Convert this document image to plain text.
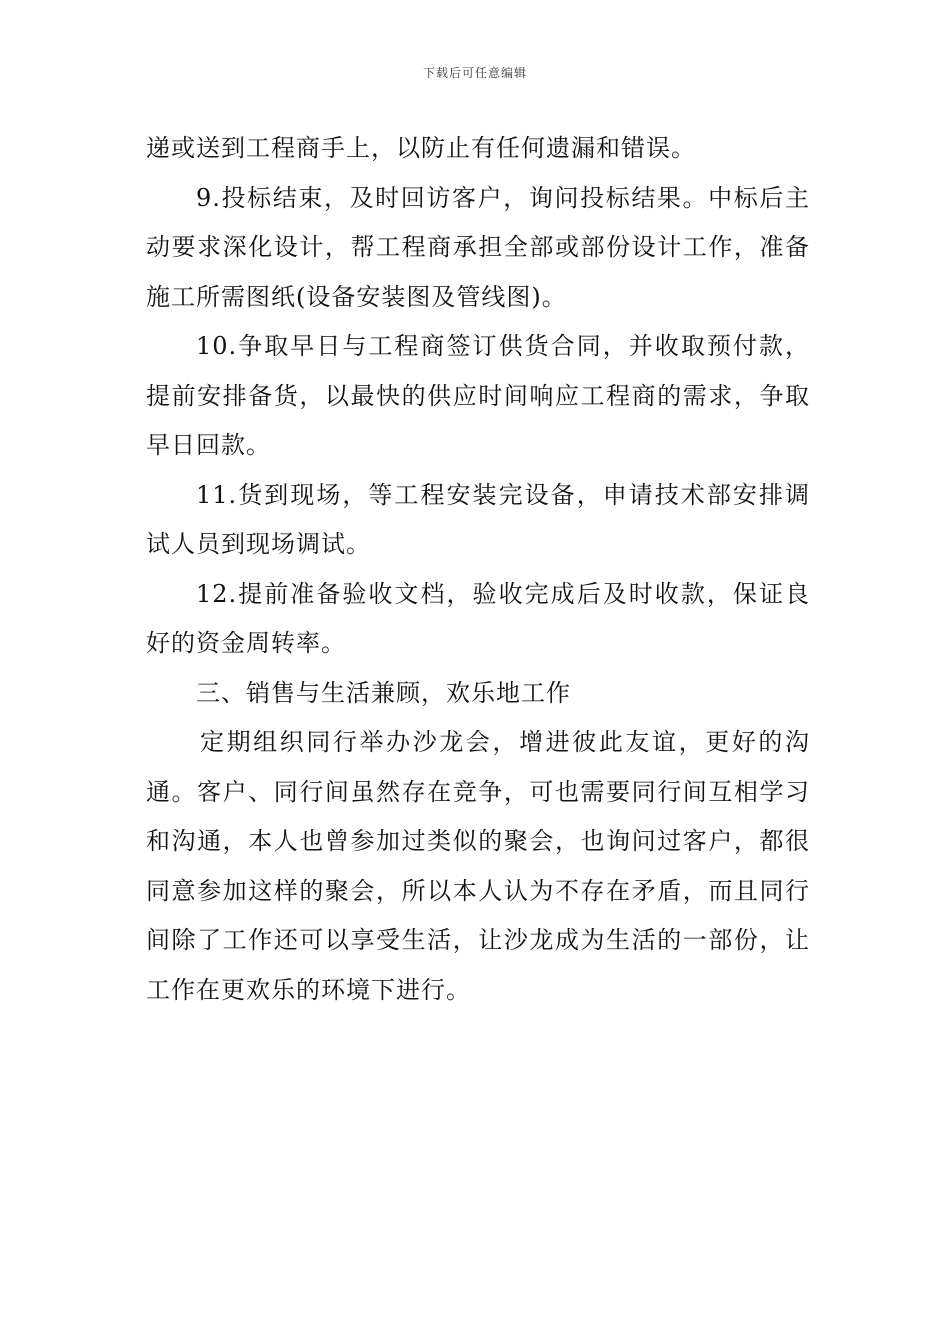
下载后可任意编辑

递或送到工程商手上，以防止有任何遗漏和错误。

9.投标结束，及时回访客户，询问投标结果。中标后主动要求深化设计，帮工程商承担全部或部份设计工作，准备施工所需图纸(设备安装图及管线图)。

10.争取早日与工程商签订供货合同，并收取预付款，提前安排备货，以最快的供应时间响应工程商的需求，争取早日回款。

11.货到现场，等工程安装完设备，申请技术部安排调试人员到现场调试。

12.提前准备验收文档，验收完成后及时收款，保证良好的资金周转率。

三、销售与生活兼顾，欢乐地工作

定期组织同行举办沙龙会，增进彼此友谊，更好的沟通。客户、同行间虽然存在竞争，可也需要同行间互相学习和沟通，本人也曾参加过类似的聚会，也询问过客户，都很同意参加这样的聚会，所以本人认为不存在矛盾，而且同行间除了工作还可以享受生活，让沙龙成为生活的一部份，让工作在更欢乐的环境下进行。
